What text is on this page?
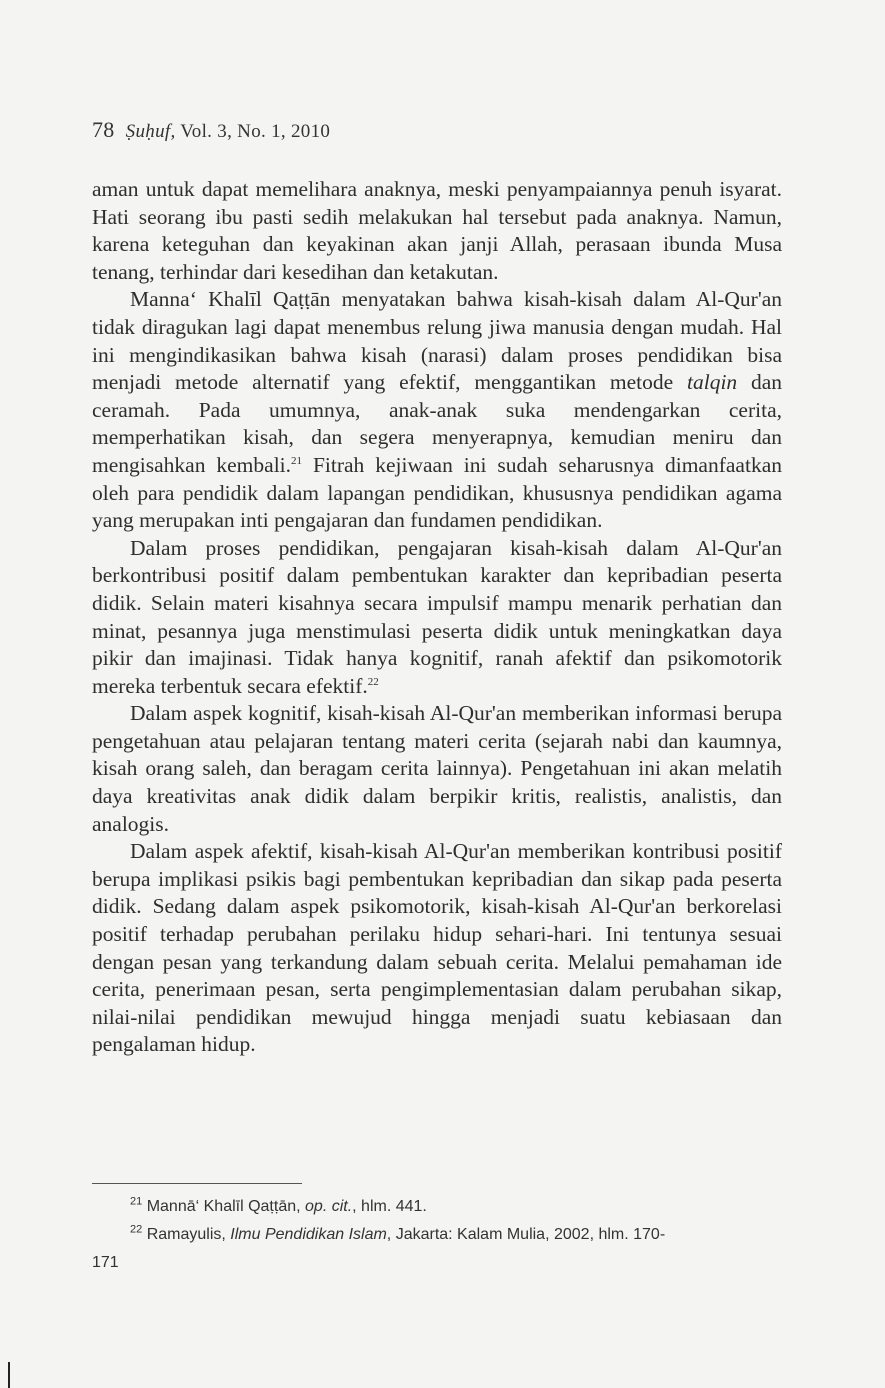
78 Ṣuḥuf, Vol. 3, No. 1, 2010

aman untuk dapat memelihara anaknya, meski penyampaiannya penuh isyarat. Hati seorang ibu pasti sedih melakukan hal tersebut pada anaknya. Namun, karena keteguhan dan keyakinan akan janji Allah, perasaan ibunda Musa tenang, terhindar dari kesedihan dan ketakutan.

Manna‘ Khalīl Qaṭṭān menyatakan bahwa kisah-kisah dalam Al-Qur'an tidak diragukan lagi dapat menembus relung jiwa manusia dengan mudah. Hal ini mengindikasikan bahwa kisah (narasi) dalam proses pendidikan bisa menjadi metode alternatif yang efektif, menggantikan metode talqin dan ceramah. Pada umumnya, anak-anak suka mendengarkan cerita, memperhatikan kisah, dan segera menyerapnya, kemudian meniru dan mengisahkan kembali.$^{21}$ Fitrah kejiwaan ini sudah seharusnya dimanfaatkan oleh para pendidik dalam lapangan pendidikan, khususnya pendidikan agama yang merupakan inti pengajaran dan fundamen pendidikan.

Dalam proses pendidikan, pengajaran kisah-kisah dalam Al-Qur'an berkontribusi positif dalam pembentukan karakter dan kepribadian peserta didik. Selain materi kisahnya secara impulsif mampu menarik perhatian dan minat, pesannya juga menstimulasi peserta didik untuk meningkatkan daya pikir dan imajinasi. Tidak hanya kognitif, ranah afektif dan psikomotorik mereka terbentuk secara efektif.$^{22}$

Dalam aspek kognitif, kisah-kisah Al-Qur'an memberikan informasi berupa pengetahuan atau pelajaran tentang materi cerita (sejarah nabi dan kaumnya, kisah orang saleh, dan beragam cerita lainnya). Pengetahuan ini akan melatih daya kreativitas anak didik dalam berpikir kritis, realistis, analistis, dan analogis.

Dalam aspek afektif, kisah-kisah Al-Qur'an memberikan kontribusi positif berupa implikasi psikis bagi pembentukan kepribadian dan sikap pada peserta didik. Sedang dalam aspek psikomotorik, kisah-kisah Al-Qur'an berkorelasi positif terhadap perubahan perilaku hidup sehari-hari. Ini tentunya sesuai dengan pesan yang terkandung dalam sebuah cerita. Melalui pemahaman ide cerita, penerimaan pesan, serta pengimplementasian dalam perubahan sikap, nilai-nilai pendidikan mewujud hingga menjadi suatu kebiasaan dan pengalaman hidup.

$^{21}$ Mannā‘ Khalīl Qaṭṭān, op. cit., hlm. 441.
$^{22}$ Ramayulis, Ilmu Pendidikan Islam, Jakarta: Kalam Mulia, 2002, hlm. 170-
171
